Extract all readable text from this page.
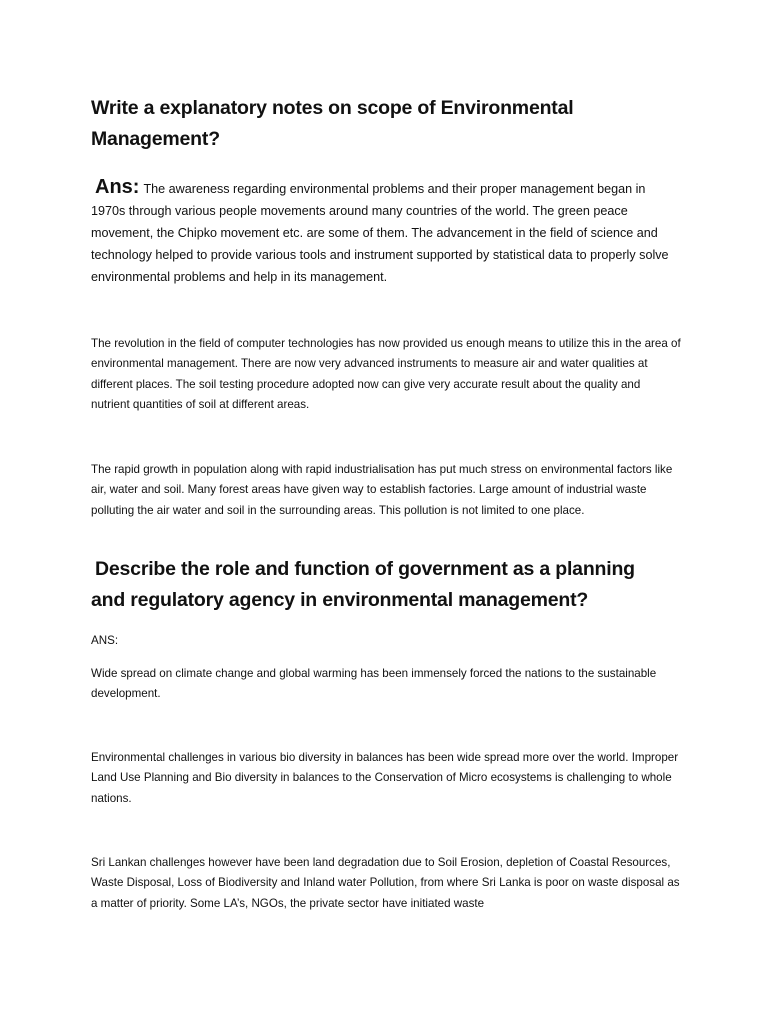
Write a explanatory notes on scope of Environmental
Management?

Ans: The awareness regarding environmental problems and their proper management began in 1970s through various people movements around many countries of the world. The green peace movement, the Chipko movement etc. are some of them. The advancement in the field of science and technology helped to provide various tools and instrument supported by statistical data to properly solve environmental problems and help in its management.

The revolution in the field of computer technologies has now provided us enough means to utilize this in the area of environmental management. There are now very advanced instruments to measure air and water qualities at different places. The soil testing procedure adopted now can give very accurate result about the quality and nutrient quantities of soil at different areas.

The rapid growth in population along with rapid industrialisation has put much stress on environmental factors like air, water and soil. Many forest areas have given way to establish factories. Large amount of industrial waste polluting the air water and soil in the surrounding areas. This pollution is not limited to one place.

Describe the role and function of government as a planning
and regulatory agency in environmental management?

ANS:

Wide spread on climate change and global warming has been immensely forced the nations to the sustainable development.

Environmental challenges in various bio diversity in balances has been wide spread more over the world. Improper Land Use Planning and Bio diversity in balances to the Conservation of Micro ecosystems is challenging to whole nations.

Sri Lankan challenges however have been land degradation due to Soil Erosion, depletion of Coastal Resources, Waste Disposal, Loss of Biodiversity and Inland water Pollution, from where Sri Lanka is poor on waste disposal as a matter of priority. Some LA’s, NGOs, the private sector have initiated waste
